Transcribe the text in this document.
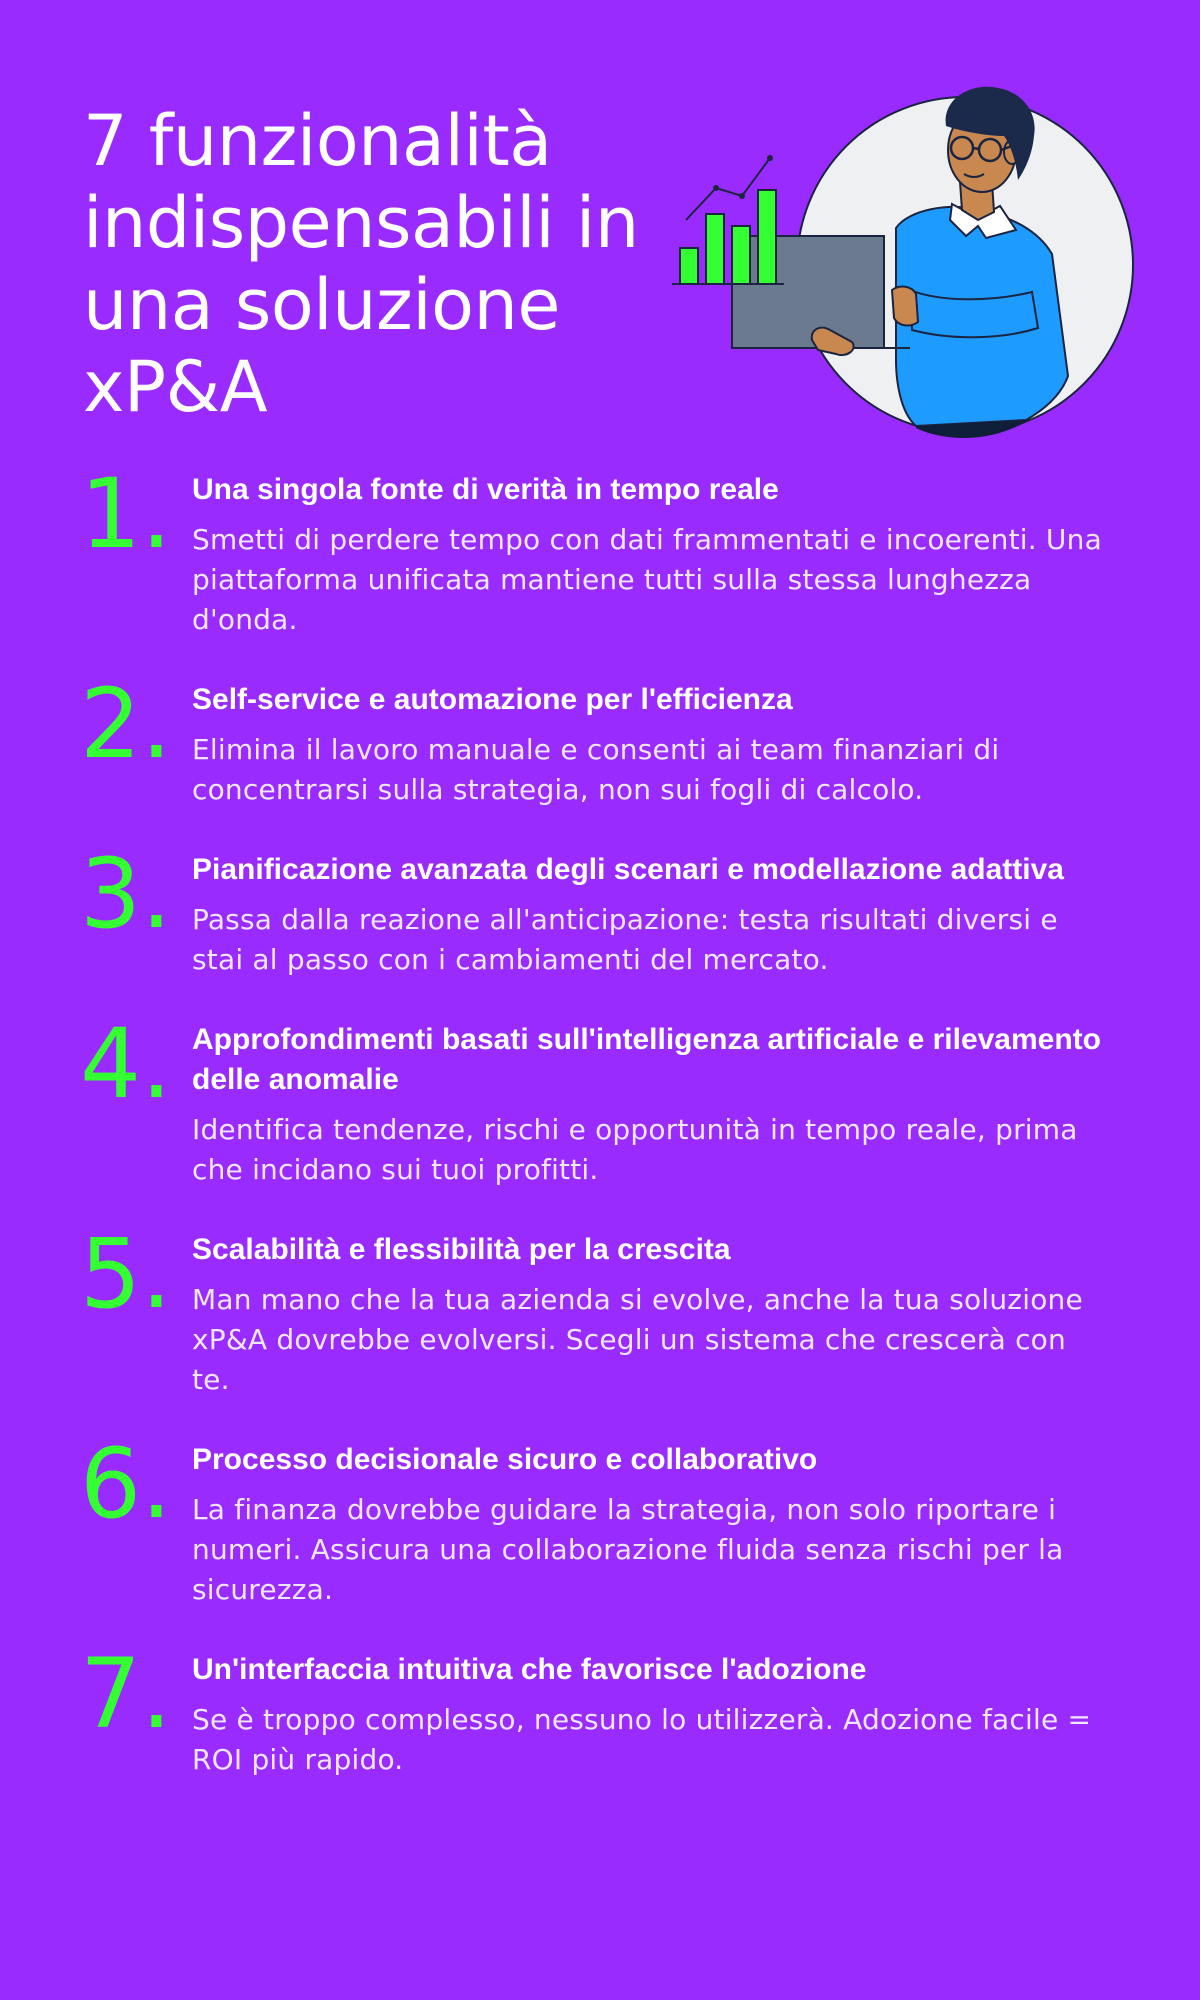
7 funzionalità indispensabili in una soluzione xP&A
1. Una singola fonte di verità in tempo reale

Smetti di perdere tempo con dati frammentati e incoerenti. Una piattaforma unificata mantiene tutti sulla stessa lunghezza d'onda.

2. Self-service e automazione per l'efficienza

Elimina il lavoro manuale e consenti ai team finanziari di concentrarsi sulla strategia, non sui fogli di calcolo.

3. Pianificazione avanzata degli scenari e modellazione adattiva

Passa dalla reazione all'anticipazione: testa risultati diversi e stai al passo con i cambiamenti del mercato.

4. Approfondimenti basati sull'intelligenza artificiale e rilevamento delle anomalie

Identifica tendenze, rischi e opportunità in tempo reale, prima che incidano sui tuoi profitti.

5. Scalabilità e flessibilità per la crescita

Man mano che la tua azienda si evolve, anche la tua soluzione xP&A dovrebbe evolversi. Scegli un sistema che crescerà con te.

6. Processo decisionale sicuro e collaborativo

La finanza dovrebbe guidare la strategia, non solo riportare i numeri. Assicura una collaborazione fluida senza rischi per la sicurezza.

7. Un'interfaccia intuitiva che favorisce l'adozione

Se è troppo complesso, nessuno lo utilizzerà. Adozione facile = ROI più rapido.
